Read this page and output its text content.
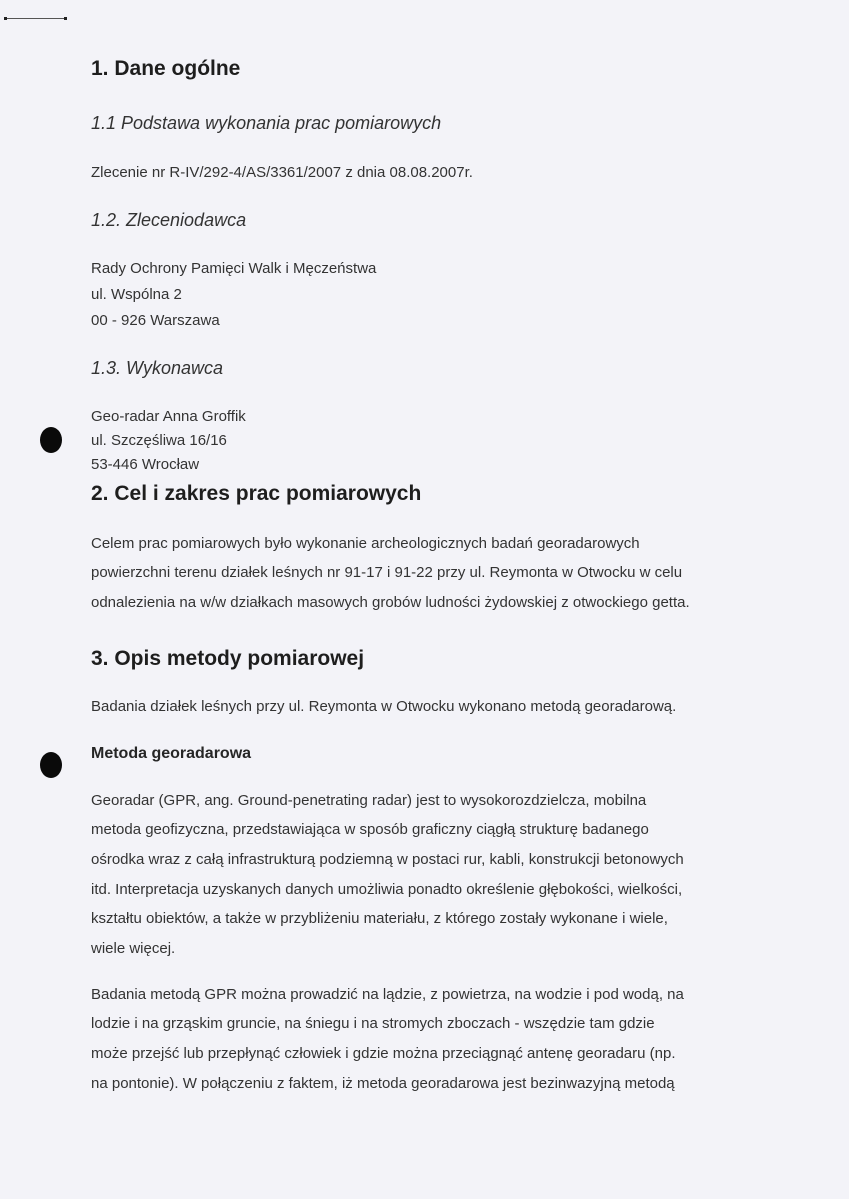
1. Dane ogólne
1.1 Podstawa wykonania prac pomiarowych
Zlecenie nr R-IV/292-4/AS/3361/2007 z dnia 08.08.2007r.
1.2. Zleceniodawca
Rady Ochrony Pamięci Walk i Męczeństwa
ul. Wspólna 2
00 - 926 Warszawa
1.3. Wykonawca
Geo-radar Anna Groffik
ul. Szczęśliwa 16/16
53-446 Wrocław
2. Cel i zakres prac pomiarowych
Celem prac pomiarowych było wykonanie archeologicznych badań georadarowych
powierzchni terenu działek leśnych nr 91-17 i 91-22 przy ul. Reymonta w Otwocku w celu
odnalezienia na w/w działkach masowych grobów ludności żydowskiej z otwockiego getta.
3. Opis metody pomiarowej
Badania działek leśnych przy ul. Reymonta w Otwocku wykonano metodą georadarową.
Metoda georadarowa
Georadar (GPR, ang. Ground-penetrating radar) jest to wysokorozdzielcza, mobilna
metoda geofizyczna, przedstawiająca w sposób graficzny ciągłą strukturę badanego
ośrodka wraz z całą infrastrukturą podziemną w postaci rur, kabli, konstrukcji betonowych
itd. Interpretacja uzyskanych danych umożliwia ponadto określenie głębokości, wielkości,
kształtu obiektów, a także w przybliżeniu materiału, z którego zostały wykonane i wiele,
wiele więcej.
Badania metodą GPR można prowadzić na lądzie, z powietrza, na wodzie i pod wodą, na
lodzie i na grząskim gruncie, na śniegu i na stromych zboczach - wszędzie tam gdzie
może przejść lub przepłynąć człowiek i gdzie można przeciągnąć antenę georadaru (np.
na pontonie). W połączeniu z faktem, iż metoda georadarowa jest bezinwazyjną metodą
